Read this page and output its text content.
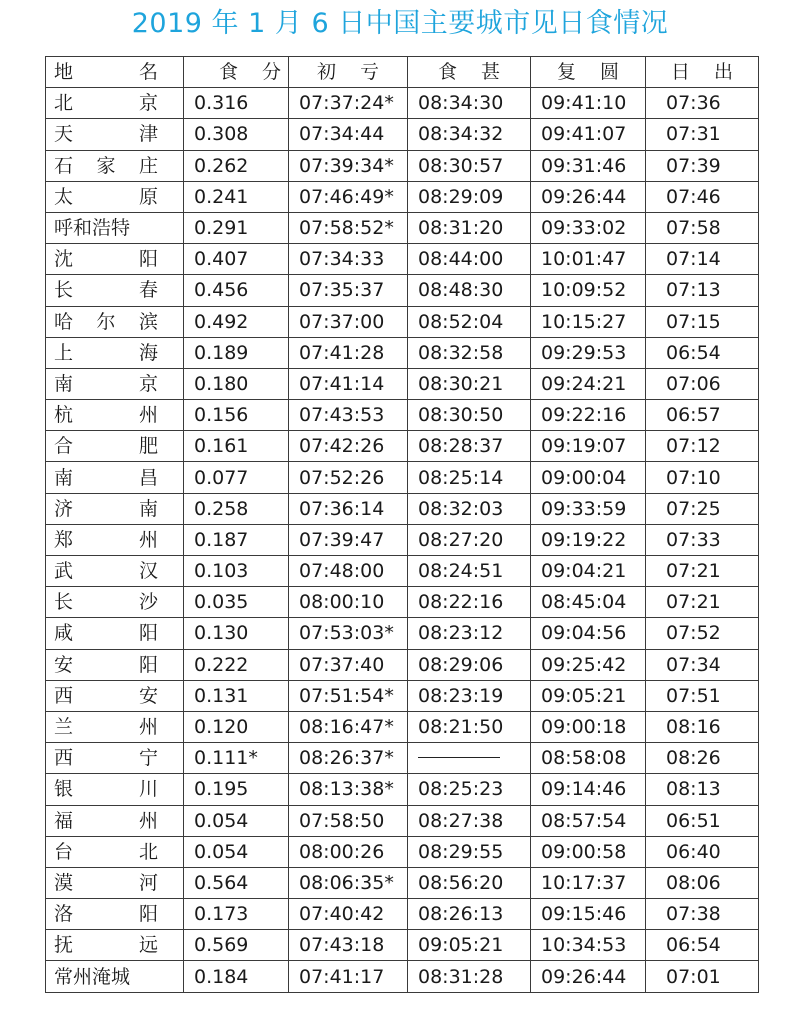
2019 年 1 月 6 日中国主要城市见日食情况
地 名	食 分	初 亏	食 甚	复 圆	日 出

北 京	0.316	07:37:24*	08:34:30	09:41:10	07:36

天 津	0.308	07:34:44	08:34:32	09:41:07	07:31

石 家 庄	0.262	07:39:34*	08:30:57	09:31:46	07:39

太 原	0.241	07:46:49*	08:29:09	09:26:44	07:46

呼和浩特	0.291	07:58:52*	08:31:20	09:33:02	07:58

沈 阳	0.407	07:34:33	08:44:00	10:01:47	07:14

长 春	0.456	07:35:37	08:48:30	10:09:52	07:13

哈 尔 滨	0.492	07:37:00	08:52:04	10:15:27	07:15

上 海	0.189	07:41:28	08:32:58	09:29:53	06:54

南 京	0.180	07:41:14	08:30:21	09:24:21	07:06

杭 州	0.156	07:43:53	08:30:50	09:22:16	06:57

合 肥	0.161	07:42:26	08:28:37	09:19:07	07:12

南 昌	0.077	07:52:26	08:25:14	09:00:04	07:10

济 南	0.258	07:36:14	08:32:03	09:33:59	07:25

郑 州	0.187	07:39:47	08:27:20	09:19:22	07:33

武 汉	0.103	07:48:00	08:24:51	09:04:21	07:21

长 沙	0.035	08:00:10	08:22:16	08:45:04	07:21

咸 阳	0.130	07:53:03*	08:23:12	09:04:56	07:52

安 阳	0.222	07:37:40	08:29:06	09:25:42	07:34

西 安	0.131	07:51:54*	08:23:19	09:05:21	07:51

兰 州	0.120	08:16:47*	08:21:50	09:00:18	08:16

西 宁	0.111*	08:26:37*		08:58:08	08:26

银 川	0.195	08:13:38*	08:25:23	09:14:46	08:13

福 州	0.054	07:58:50	08:27:38	08:57:54	06:51

台 北	0.054	08:00:26	08:29:55	09:00:58	06:40

漠 河	0.564	08:06:35*	08:56:20	10:17:37	08:06

洛 阳	0.173	07:40:42	08:26:13	09:15:46	07:38

抚 远	0.569	07:43:18	09:05:21	10:34:53	06:54

常州淹城	0.184	07:41:17	08:31:28	09:26:44	07:01
